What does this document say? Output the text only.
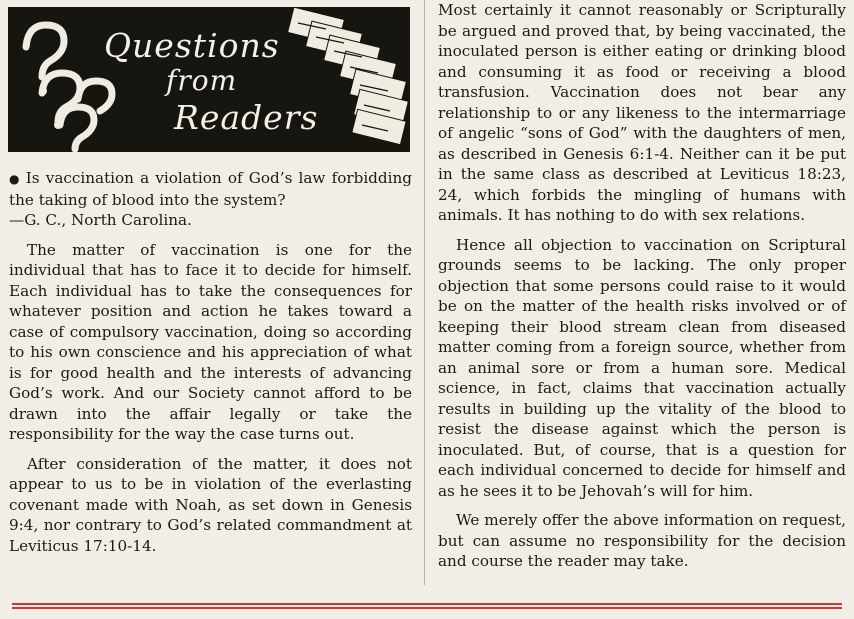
Questions
from
Readers

● Is vaccination a violation of God’s law forbidding the taking of blood into the system?
—G. C., North Carolina.

The matter of vaccination is one for the individual that has to face it to decide for himself. Each individual has to take the consequences for whatever position and action he takes toward a case of compulsory vaccination, doing so according to his own conscience and his appreciation of what is for good health and the interests of advancing God’s work. And our Society cannot afford to be drawn into the affair legally or take the responsibility for the way the case turns out.

After consideration of the matter, it does not appear to us to be in violation of the everlasting covenant made with Noah, as set down in Genesis 9:4, nor contrary to God’s related commandment at Leviticus 17:10-14.

Most certainly it cannot reasonably or Scripturally be argued and proved that, by being vaccinated, the inoculated person is either eating or drinking blood and consuming it as food or receiving a blood transfusion. Vaccination does not bear any relationship to or any likeness to the intermarriage of angelic “sons of God” with the daughters of men, as described in Genesis 6:1-4. Neither can it be put in the same class as described at Leviticus 18:23, 24, which forbids the mingling of humans with animals. It has nothing to do with sex relations.

Hence all objection to vaccination on Scriptural grounds seems to be lacking. The only proper objection that some persons could raise to it would be on the matter of the health risks involved or of keeping their blood stream clean from diseased matter coming from a foreign source, whether from an animal sore or from a human sore. Medical science, in fact, claims that vaccination actually results in building up the vitality of the blood to resist the disease against which the person is inoculated. But, of course, that is a question for each individual concerned to decide for himself and as he sees it to be Jehovah’s will for him.

We merely offer the above information on request, but can assume no responsibility for the decision and course the reader may take.
